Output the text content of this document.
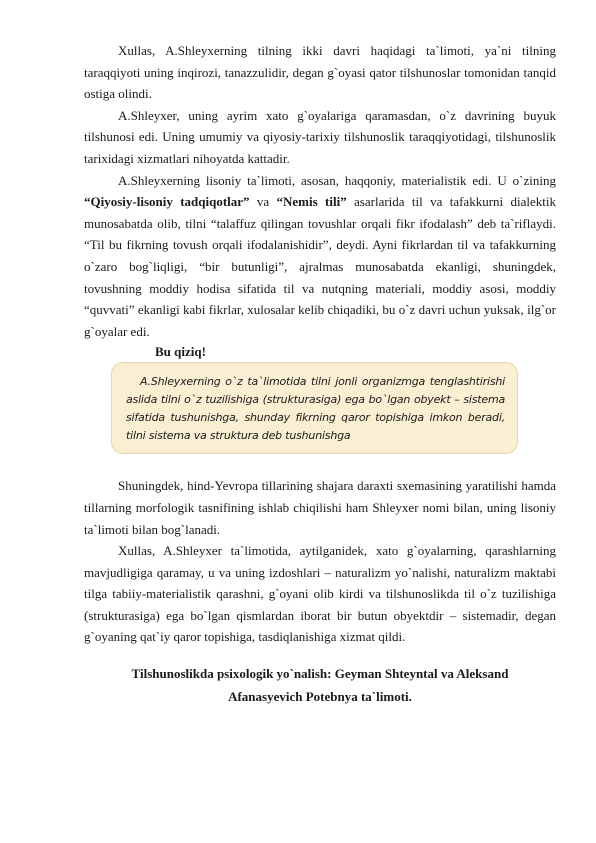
Xullas, A.Shleyxerning tilning ikki davri haqidagi ta`limoti, ya`ni tilning taraqqiyoti uning inqirozi, tanazzulidir, degan g`oyasi qator tilshunoslar tomonidan tanqid ostiga olindi.

A.Shleyxer, uning ayrim xato g`oyalariga qaramasdan, o`z davrining buyuk tilshunosi edi. Uning umumiy va qiyosiy-tarixiy tilshunoslik taraqqiyotidagi, tilshunoslik tarixidagi xizmatlari nihoyatda kattadir.

A.Shleyxerning lisoniy ta`limoti, asosan, haqqoniy, materialistik edi. U o`zining “Qiyosiy-lisoniy tadqiqotlar” va “Nemis tili” asarlarida til va tafakkurni dialektik munosabatda olib, tilni “talaffuz qilingan tovushlar orqali fikr ifodalash” deb ta`riflaydi. “Til bu fikrning tovush orqali ifodalanishidir”, deydi. Ayni fikrlardan til va tafakkurning o`zaro bog`liqligi, “bir butunligi”, ajralmas munosabatda ekanligi, shuningdek, tovushning moddiy hodisa sifatida til va nutqning materiali, moddiy asosi, moddiy “quvvati” ekanligi kabi fikrlar, xulosalar kelib chiqadiki, bu o`z davri uchun yuksak, ilg`or g`oyalar edi.

Bu qiziq!

A.Shleyxerning o`z ta`limotida tilni jonli organizmga tenglashtirishi aslida tilni o`z tuzilishiga (strukturasiga) ega bo`lgan obyekt – sistema sifatida tushunishga, shunday fikrning qaror topishiga imkon beradi, tilni sistema va struktura deb tushunishga

Shuningdek, hind-Yevropa tillarining shajara daraxti sxemasining yaratilishi hamda tillarning morfologik tasnifining ishlab chiqilishi ham Shleyxer nomi bilan, uning lisoniy ta`limoti bilan bog`lanadi.

Xullas, A.Shleyxer ta`limotida, aytilganidek, xato g`oyalarning, qarashlarning mavjudligiga qaramay, u va uning izdoshlari – naturalizm yo`nalishi, naturalizm maktabi tilga tabiiy-materialistik qarashni, g`oyani olib kirdi va tilshunoslikda til o`z tuzilishiga (strukturasiga) ega bo`lgan qismlardan iborat bir butun obyektdir – sistemadir, degan g`oyaning qat`iy qaror topishiga, tasdiqlanishiga xizmat qildi.

Tilshunoslikda psixologik yo`nalish: Geyman Shteyntal va Aleksand
Afanasyevich Potebnya ta`limoti.
